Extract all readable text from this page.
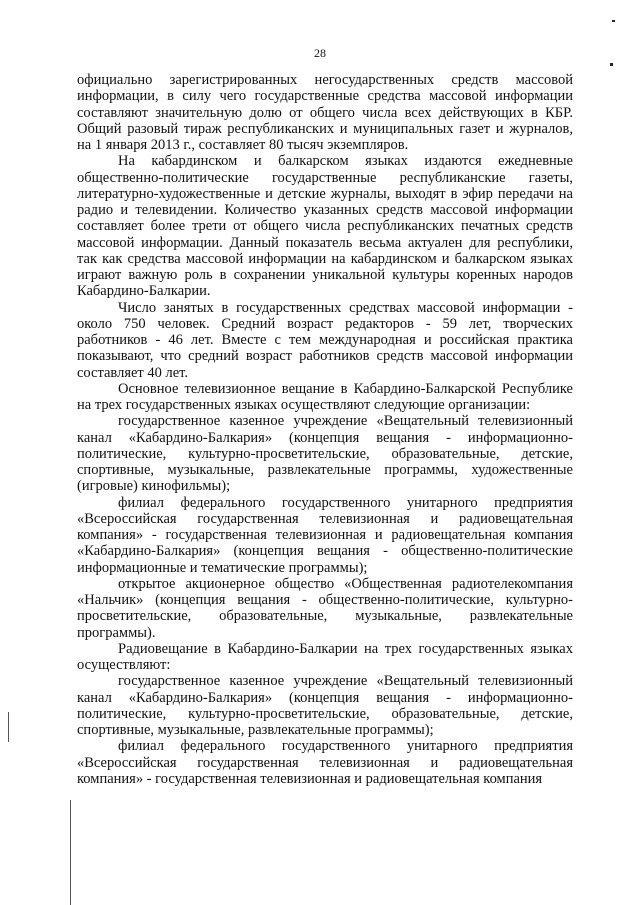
28

официально зарегистрированных негосударственных средств массовой информации, в силу чего государственные средства массовой информации составляют значительную долю от общего числа всех действующих в КБР. Общий разовый тираж республиканских и муниципальных газет и журналов, на 1 января 2013 г., составляет 80 тысяч экземпляров.

На кабардинском и балкарском языках издаются ежедневные общественно-политические государственные республиканские газеты, литературно-художественные и детские журналы, выходят в эфир передачи на радио и телевидении. Количество указанных средств массовой информации составляет более трети от общего числа республиканских печатных средств массовой информации. Данный показатель весьма актуален для республики, так как средства массовой информации на кабардинском и балкарском языках играют важную роль в сохранении уникальной культуры коренных народов Кабардино-Балкарии.

Число занятых в государственных средствах массовой информации - около 750 человек. Средний возраст редакторов - 59 лет, творческих работников - 46 лет. Вместе с тем международная и российская практика показывают, что средний возраст работников средств массовой информации составляет 40 лет.

Основное телевизионное вещание в Кабардино-Балкарской Республике на трех государственных языках осуществляют следующие организации:

государственное казенное учреждение «Вещательный телевизионный канал «Кабардино-Балкария» (концепция вещания - информационно-политические, культурно-просветительские, образовательные, детские, спортивные, музыкальные, развлекательные программы, художественные (игровые) кинофильмы);

филиал федерального государственного унитарного предприятия «Всероссийская государственная телевизионная и радиовещательная компания» - государственная телевизионная и радиовещательная компания «Кабардино-Балкария» (концепция вещания - общественно-политические информационные и тематические программы);

открытое акционерное общество «Общественная радиотелекомпания «Нальчик» (концепция вещания - общественно-политические, культурно-просветительские, образовательные, музыкальные, развлекательные программы).

Радиовещание в Кабардино-Балкарии на трех государственных языках осуществляют:

государственное казенное учреждение «Вещательный телевизионный канал «Кабардино-Балкария» (концепция вещания - информационно-политические, культурно-просветительские, образовательные, детские, спортивные, музыкальные, развлекательные программы);

филиал федерального государственного унитарного предприятия «Всероссийская государственная телевизионная и радиовещательная компания» - государственная телевизионная и радиовещательная компания
